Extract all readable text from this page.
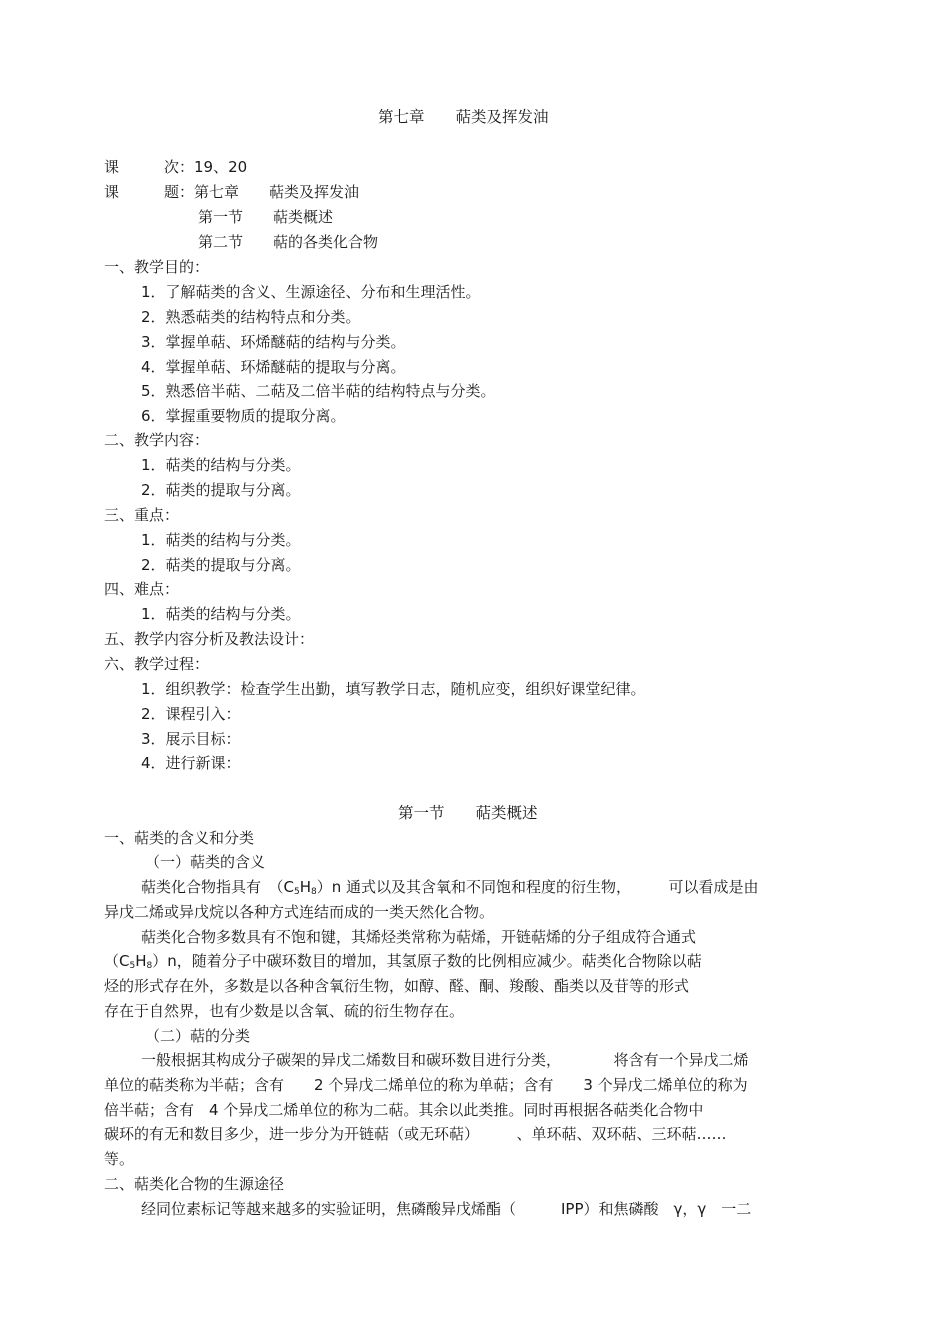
第七章　　萜类及挥发油
课　　　次：19、20
课　　　题：第七章　　萜类及挥发油
第一节　　萜类概述
第二节　　萜的各类化合物
一、教学目的：
1．了解萜类的含义、生源途径、分布和生理活性。
2．熟悉萜类的结构特点和分类。
3．掌握单萜、环烯醚萜的结构与分类。
4．掌握单萜、环烯醚萜的提取与分离。
5．熟悉倍半萜、二萜及二倍半萜的结构特点与分类。
6．掌握重要物质的提取分离。
二、教学内容：
1．萜类的结构与分类。
2．萜类的提取与分离。
三、重点：
1．萜类的结构与分类。
2．萜类的提取与分离。
四、难点：
1．萜类的结构与分类。
五、教学内容分析及教法设计：
六、教学过程：
1．组织教学：检查学生出勤，填写教学日志，随机应变，组织好课堂纪律。
2．课程引入：
3．展示目标：
4．进行新课：
第一节　　萜类概述
一、萜类的含义和分类
（一）萜类的含义
萜类化合物指具有　$(C_5H_8)n$ 通式以及其含氧和不同饱和程度的衍生物，　　　可以看成是由
异戊二烯或异戊烷以各种方式连结而成的一类天然化合物。
萜类化合物多数具有不饱和键，其烯烃类常称为萜烯，开链萜烯的分子组成符合通式
$(C_5H_8)n$，随着分子中碳环数目的增加，其氢原子数的比例相应减少。萜类化合物除以萜
烃的形式存在外，多数是以各种含氧衍生物，如醇、醛、酮、羧酸、酯类以及苷等的形式
存在于自然界，也有少数是以含氧、硫的衍生物存在。
（二）萜的分类
一般根据其构成分子碳架的异戊二烯数目和碳环数目进行分类，　　　　将含有一个异戊二烯
单位的萜类称为半萜；含有　　2 个异戊二烯单位的称为单萜；含有　　3 个异戊二烯单位的称为
倍半萜；含有　4 个异戊二烯单位的称为二萜。其余以此类推。同时再根据各萜类化合物中
碳环的有无和数目多少，进一步分为开链萜（或无环萜）　　　、单环萜、双环萜、三环萜……
等。
二、萜类化合物的生源途径
经同位素标记等越来越多的实验证明，焦磷酸异戊烯酯（　　　IPP）和焦磷酸　γ，γ　一二
